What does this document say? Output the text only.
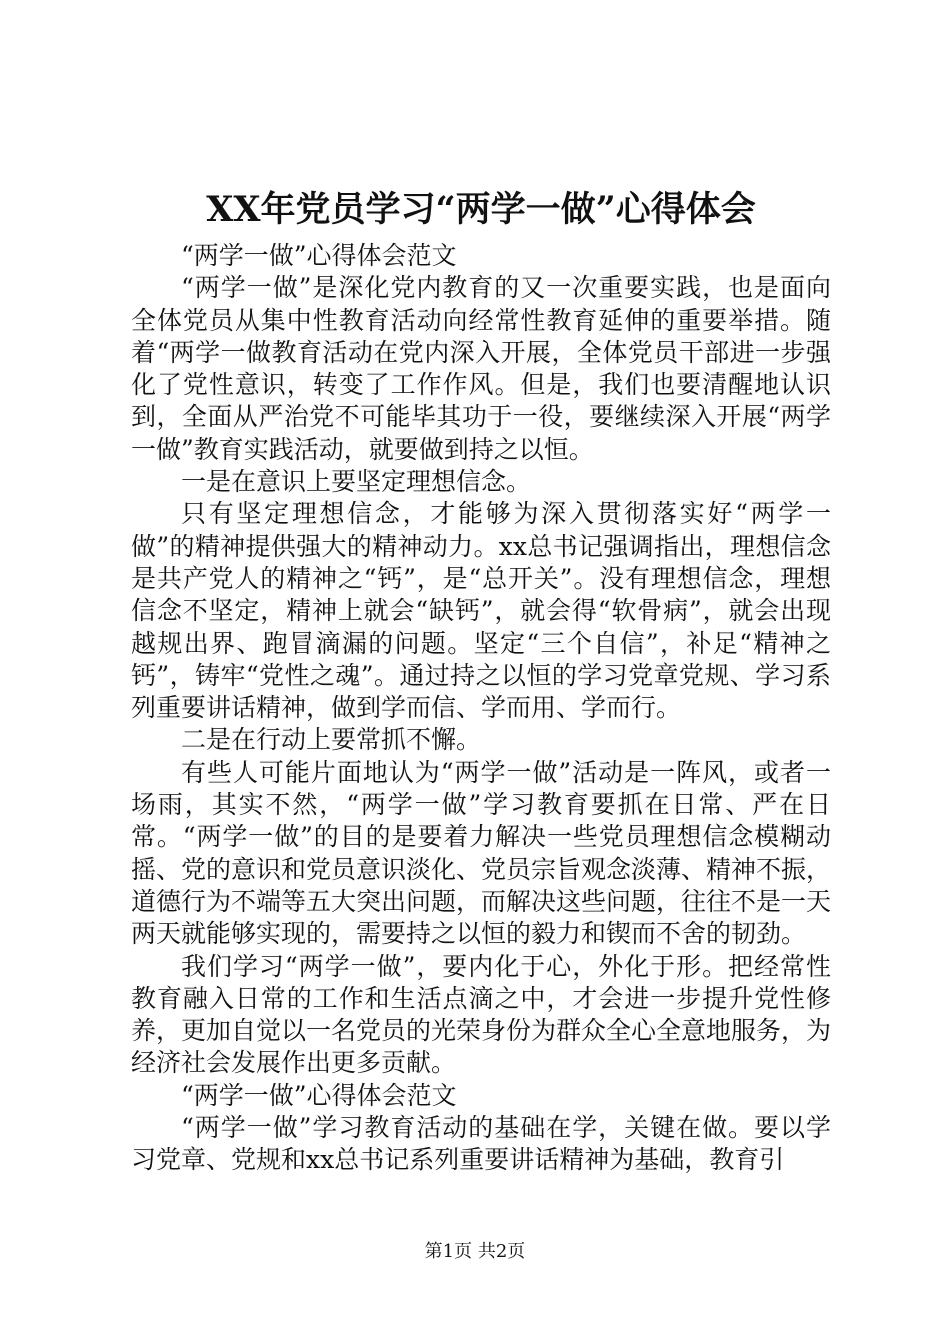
XX年党员学习“两学一做”心得体会

“两学一做”心得体会范文

“两学一做”是深化党内教育的又一次重要实践，也是面向全体党员从集中性教育活动向经常性教育延伸的重要举措。随着“两学一做教育活动在党内深入开展，全体党员干部进一步强化了党性意识，转变了工作作风。但是，我们也要清醒地认识到，全面从严治党不可能毕其功于一役，要继续深入开展“两学一做”教育实践活动，就要做到持之以恒。

一是在意识上要坚定理想信念。

只有坚定理想信念，才能够为深入贯彻落实好“两学一做”的精神提供强大的精神动力。xx总书记强调指出，理想信念是共产党人的精神之“钙”，是“总开关”。没有理想信念，理想信念不坚定，精神上就会“缺钙”，就会得“软骨病”，就会出现越规出界、跑冒滴漏的问题。坚定“三个自信”，补足“精神之钙”，铸牢“党性之魂”。通过持之以恒的学习党章党规、学习系列重要讲话精神，做到学而信、学而用、学而行。

二是在行动上要常抓不懈。

有些人可能片面地认为“两学一做”活动是一阵风，或者一场雨，其实不然，“两学一做”学习教育要抓在日常、严在日常。“两学一做”的目的是要着力解决一些党员理想信念模糊动摇、党的意识和党员意识淡化、党员宗旨观念淡薄、精神不振，道德行为不端等五大突出问题，而解决这些问题，往往不是一天两天就能够实现的，需要持之以恒的毅力和锲而不舍的韧劲。

我们学习“两学一做”，要内化于心，外化于形。把经常性教育融入日常的工作和生活点滴之中，才会进一步提升党性修养，更加自觉以一名党员的光荣身份为群众全心全意地服务，为经济社会发展作出更多贡献。

“两学一做”心得体会范文

“两学一做”学习教育活动的基础在学，关键在做。要以学习党章、党规和xx总书记系列重要讲话精神为基础，教育引

第1页 共2页
